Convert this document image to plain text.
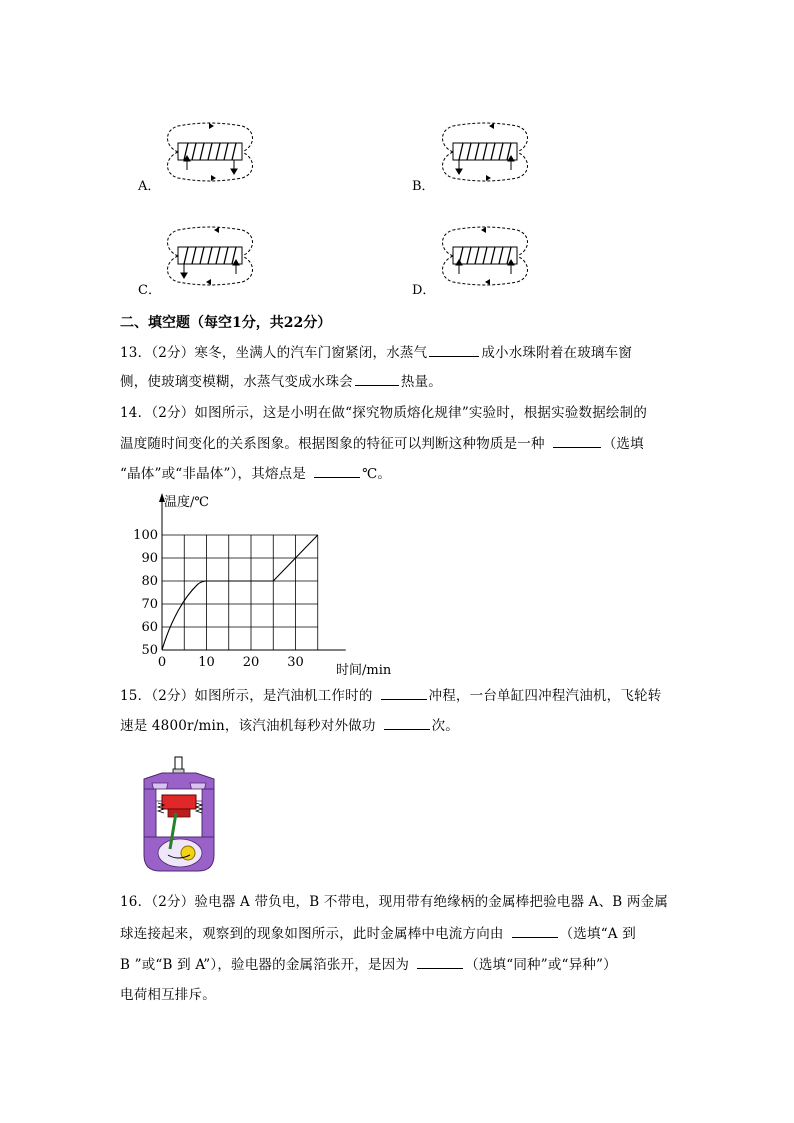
A．	B．
C．	D．
二、填空题（每空1分，共22分）
13．（2分）寒冬，坐满人的汽车门窗紧闭，水蒸气	成小水珠附着在玻璃车窗
侧，使玻璃变模糊，水蒸气变成水珠会	热量。
14．（2分）如图所示，这是小明在做“探究物质熔化规律”实验时，根据实验数据绘制的
温度随时间变化的关系图象。根据图象的特征可以判断这种物质是一种	（选填
“晶体”或“非晶体”），其熔点是	℃。
0 10 20 30
50
60
70
80
90
100
温度/℃
时间/min
15．（2分）如图所示，是汽油机工作时的	冲程，一台单缸四冲程汽油机，飞轮转
速是 4800r/min，该汽油机每秒对外做功	次。
16．（2分）验电器 A 带负电，B 不带电，现用带有绝缘柄的金属棒把验电器 A、B 两金属
球连接起来，观察到的现象如图所示，此时金属棒中电流方向由	（选填“A 到
B ”或“B 到 A”），验电器的金属箔张开，是因为	（选填“同种”或“异种”）
电荷相互排斥。
